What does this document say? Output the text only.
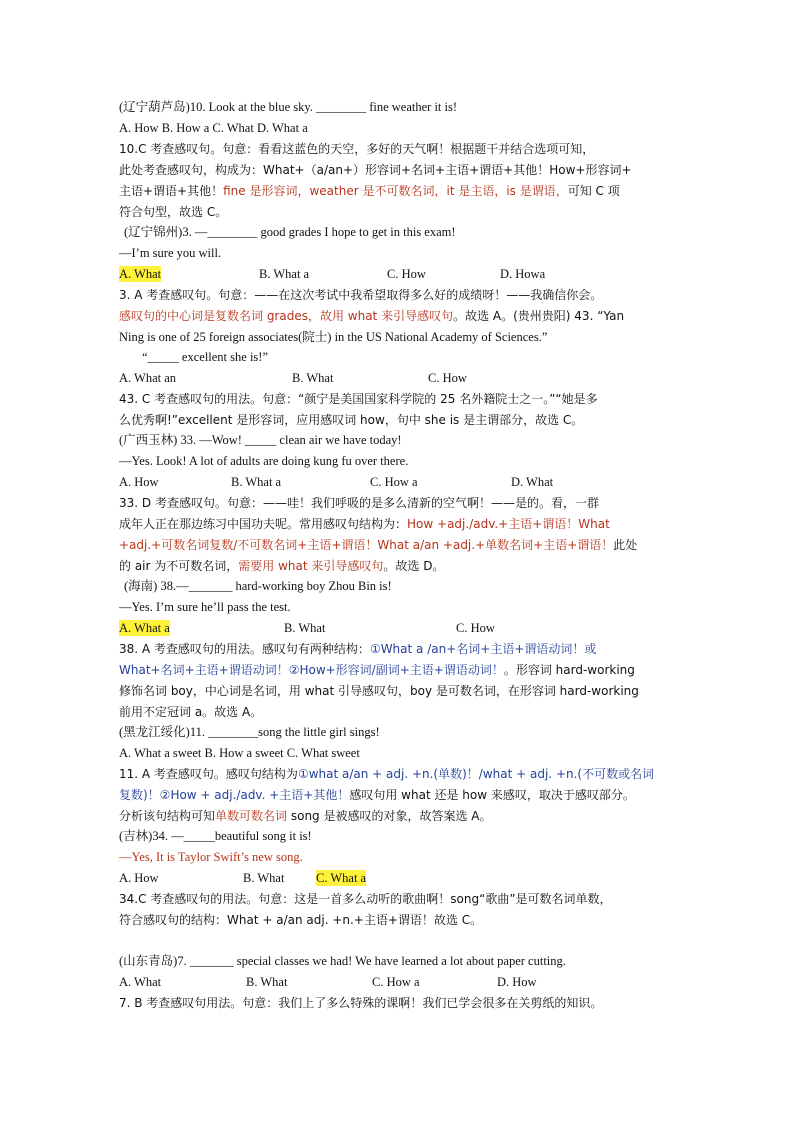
(辽宁葫芦岛)10. Look at the blue sky. ________ fine weather it is!
A. How B. How a C. What D. What a
10.C 考查感叹句。句意：看看这蓝色的天空，多好的天气啊！根据题干并结合选项可知，
此处考查感叹句，构成为：What+（a/an+）形容词+名词+主语+谓语+其他！How+形容词+
主语+谓语+其他！fine 是形容词，weather 是不可数名词，it 是主语，is 是谓语，可知 C 项
符合句型，故选 C。
(辽宁锦州)3. —________ good grades I hope to get in this exam!
—I’m sure you will.
A. What	B. What a	C. How	D. Howa
3. A 考查感叹句。句意：——在这次考试中我希望取得多么好的成绩呀！——我确信你会。
感叹句的中心词是复数名词 grades，故用 what 来引导感叹句。故选 A。(贵州贵阳) 43. “Yan
Ning is one of 25 foreign associates(院士) in the US National Academy of Sciences.”
“_____ excellent she is!”
A. What an	B. What	C. How
43. C 考查感叹句的用法。句意：“颜宁是美国国家科学院的 25 名外籍院士之一。”“她是多
么优秀啊!”excellent 是形容词，应用感叹词 how，句中 she is 是主谓部分，故选 C。
(广西玉林) 33. —Wow! _____ clean air we have today!
—Yes. Look! A lot of adults are doing kung fu over there.
A. How	B. What a	C. How a	D. What
33. D 考查感叹句。句意：——哇！我们呼吸的是多么清新的空气啊！——是的。看，一群
成年人正在那边练习中国功夫呢。常用感叹句结构为：How +adj./adv.+主语+谓语！What
+adj.+可数名词复数/不可数名词+主语+谓语！What a/an +adj.+单数名词+主语+谓语！此处
的 air 为不可数名词，需要用 what 来引导感叹句。故选 D。
(海南) 38.—_______ hard-working boy Zhou Bin is!
—Yes. I’m sure he’ll pass the test.
A. What a	B. What	C. How
38. A 考查感叹句的用法。感叹句有两种结构：①What a /an+名词+主语+谓语动词！或
What+名词+主语+谓语动词！②How+形容词/副词+主语+谓语动词！。形容词 hard-working
修饰名词 boy，中心词是名词，用 what 引导感叹句，boy 是可数名词，在形容词 hard-working
前用不定冠词 a。故选 A。
(黑龙江绥化)11. ________song the little girl sings!
A. What a sweet B. How a sweet C. What sweet
11. A 考查感叹句。感叹句结构为①what a/an + adj. +n.(单数)！/what + adj. +n.(不可数或名词
复数)！②How + adj./adv. +主语+其他！感叹句用 what 还是 how 来感叹，取决于感叹部分。
分析该句结构可知单数可数名词 song 是被感叹的对象，故答案选 A。
(吉林)34. —_____beautiful song it is!
—Yes, It is Taylor Swift’s new song.
A. How	B. What	C. What a
34.C 考查感叹句的用法。句意：这是一首多么动听的歌曲啊！song“歌曲”是可数名词单数，
符合感叹句的结构：What + a/an adj. +n.+主语+谓语！故选 C。
(山东青岛)7. _______ special classes we had! We have learned a lot about paper cutting.
A. What	B. What	C. How a	D. How
7. B 考查感叹句用法。句意：我们上了多么特殊的课啊！我们已学会很多在关剪纸的知识。
